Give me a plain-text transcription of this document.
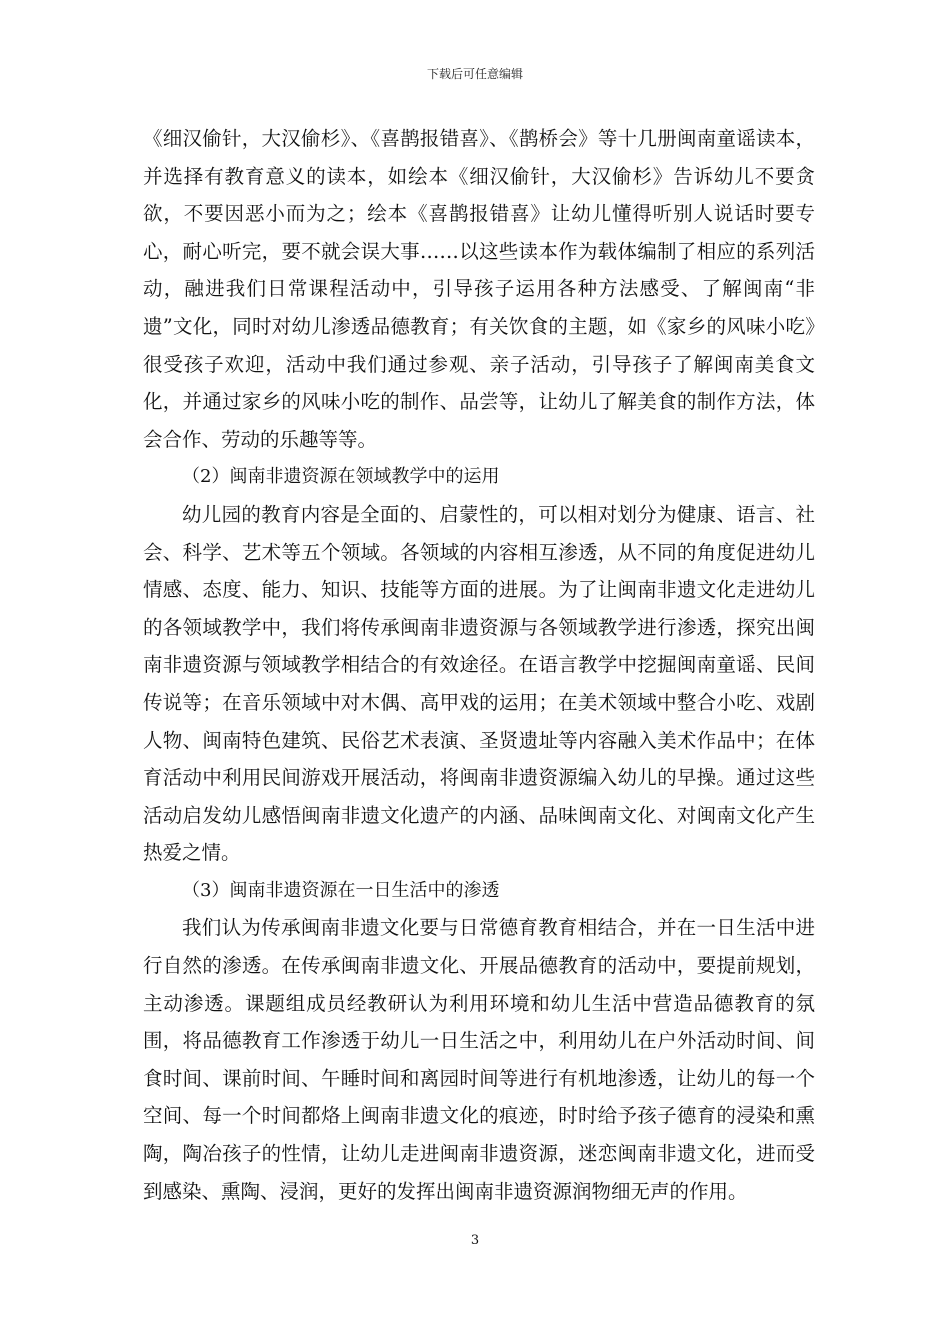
下载后可任意编辑

《细汉偷针，大汉偷杉》、《喜鹊报错喜》、《鹊桥会》等十几册闽南童谣读本，并选择有教育意义的读本，如绘本《细汉偷针，大汉偷杉》告诉幼儿不要贪欲，不要因恶小而为之；绘本《喜鹊报错喜》让幼儿懂得听别人说话时要专心，耐心听完，要不就会误大事……以这些读本作为载体编制了相应的系列活动，融进我们日常课程活动中，引导孩子运用各种方法感受、了解闽南“非遗”文化，同时对幼儿渗透品德教育；有关饮食的主题，如《家乡的风味小吃》很受孩子欢迎，活动中我们通过参观、亲子活动，引导孩子了解闽南美食文化，并通过家乡的风味小吃的制作、品尝等，让幼儿了解美食的制作方法，体会合作、劳动的乐趣等等。

（2）闽南非遗资源在领域教学中的运用

幼儿园的教育内容是全面的、启蒙性的，可以相对划分为健康、语言、社会、科学、艺术等五个领域。各领域的内容相互渗透，从不同的角度促进幼儿情感、态度、能力、知识、技能等方面的进展。为了让闽南非遗文化走进幼儿的各领域教学中，我们将传承闽南非遗资源与各领域教学进行渗透，探究出闽南非遗资源与领域教学相结合的有效途径。在语言教学中挖掘闽南童谣、民间传说等；在音乐领域中对木偶、高甲戏的运用；在美术领域中整合小吃、戏剧人物、闽南特色建筑、民俗艺术表演、圣贤遗址等内容融入美术作品中；在体育活动中利用民间游戏开展活动，将闽南非遗资源编入幼儿的早操。通过这些活动启发幼儿感悟闽南非遗文化遗产的内涵、品味闽南文化、对闽南文化产生热爱之情。

（3）闽南非遗资源在一日生活中的渗透

我们认为传承闽南非遗文化要与日常德育教育相结合，并在一日生活中进行自然的渗透。在传承闽南非遗文化、开展品德教育的活动中，要提前规划，主动渗透。课题组成员经教研认为利用环境和幼儿生活中营造品德教育的氛围，将品德教育工作渗透于幼儿一日生活之中，利用幼儿在户外活动时间、间食时间、课前时间、午睡时间和离园时间等进行有机地渗透，让幼儿的每一个空间、每一个时间都烙上闽南非遗文化的痕迹，时时给予孩子德育的浸染和熏陶，陶冶孩子的性情，让幼儿走进闽南非遗资源，迷恋闽南非遗文化，进而受到感染、熏陶、浸润，更好的发挥出闽南非遗资源润物细无声的作用。

3
